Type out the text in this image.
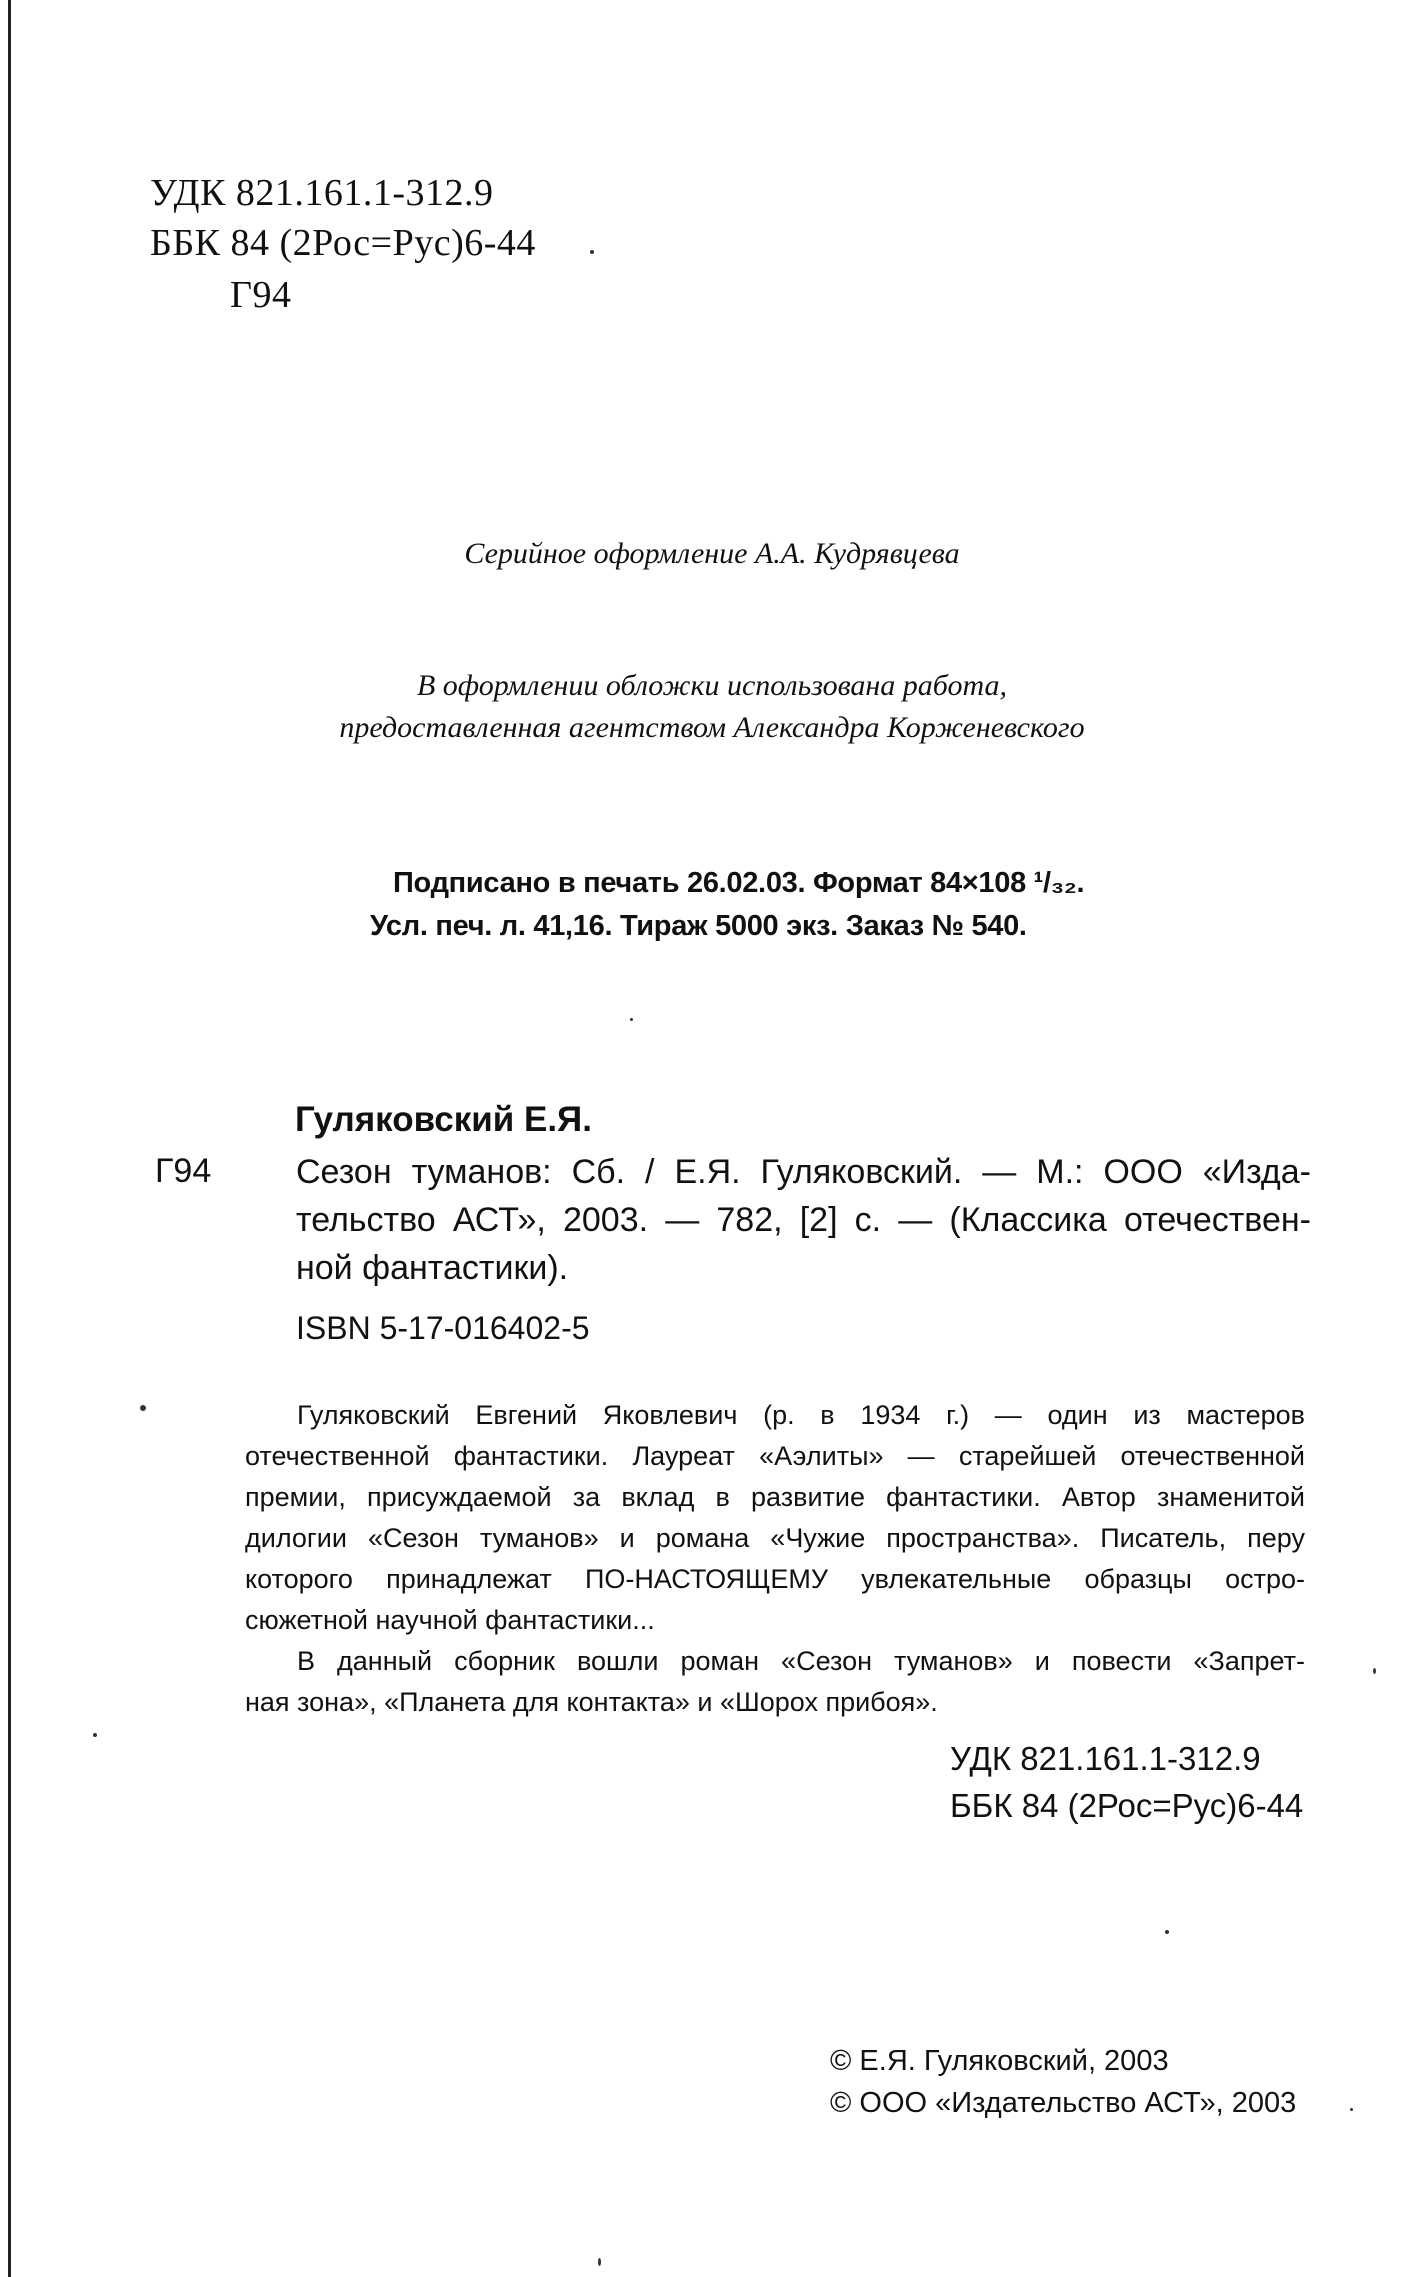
УДК 821.161.1-312.9
ББК 84 (2Рос=Рус)6-44
Г94
Серийное оформление А.А. Кудрявцева
В оформлении обложки использована работа,
предоставленная агентством Александра Корженевского
Подписано в печать 26.02.03. Формат 84×108 ¹/₃₂.
Усл. печ. л. 41,16. Тираж 5000 экз. Заказ № 540.
Гуляковский Е.Я.
Г94 Сезон туманов: Сб. / Е.Я. Гуляковский. — М.: ООО «Изда-
тельство АСТ», 2003. — 782, [2] с. — (Классика отечествен-
ной фантастики).
ISBN 5-17-016402-5
Гуляковский Евгений Яковлевич (р. в 1934 г.) — один из мастеров
отечественной фантастики. Лауреат «Аэлиты» — старейшей отечественной
премии, присуждаемой за вклад в развитие фантастики. Автор знаменитой
дилогии «Сезон туманов» и романа «Чужие пространства». Писатель, перу
которого принадлежат ПО-НАСТОЯЩЕМУ увлекательные образцы остро-
сюжетной научной фантастики...
В данный сборник вошли роман «Сезон туманов» и повести «Запрет-
ная зона», «Планета для контакта» и «Шорох прибоя».
УДК 821.161.1-312.9
ББК 84 (2Рос=Рус)6-44
© Е.Я. Гуляковский, 2003
© ООО «Издательство АСТ», 2003
